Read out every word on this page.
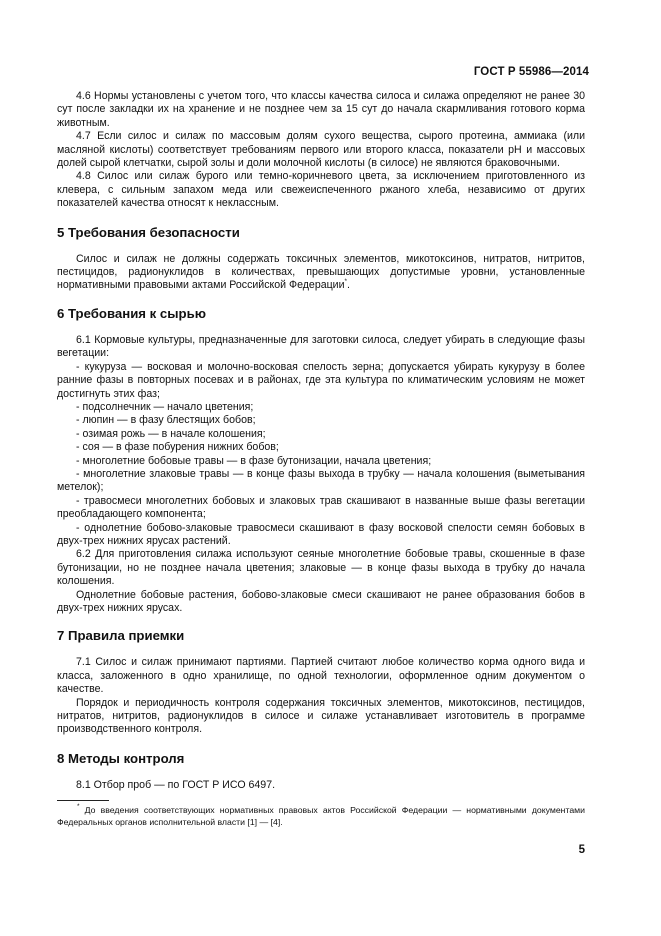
ГОСТ Р 55986—2014

4.6 Нормы установлены с учетом того, что классы качества силоса и силажа определяют не ранее 30 сут после закладки их на хранение и не позднее чем за 15 сут до начала скармливания готового корма животным.

4.7 Если силос и силаж по массовым долям сухого вещества, сырого протеина, аммиака (или масляной кислоты) соответствует требованиям первого или второго класса, показатели pH и массовых долей сырой клетчатки, сырой золы и доли молочной кислоты (в силосе) не являются браковочными.

4.8 Силос или силаж бурого или темно-коричневого цвета, за исключением приготовленного из клевера, с сильным запахом меда или свежеиспеченного ржаного хлеба, независимо от других показателей качества относят к неклассным.

5 Требования безопасности

Силос и силаж не должны содержать токсичных элементов, микотоксинов, нитратов, нитритов, пестицидов, радионуклидов в количествах, превышающих допустимые уровни, установленные нормативными правовыми актами Российской Федерации*.

6 Требования к сырью

6.1 Кормовые культуры, предназначенные для заготовки силоса, следует убирать в следующие фазы вегетации:

- кукуруза — восковая и молочно-восковая спелость зерна; допускается убирать кукурузу в более ранние фазы в повторных посевах и в районах, где эта культура по климатическим условиям не может достигнуть этих фаз;

- подсолнечник — начало цветения;

- люпин — в фазу блестящих бобов;

- озимая рожь — в начале колошения;

- соя — в фазе побурения нижних бобов;

- многолетние бобовые травы — в фазе бутонизации, начала цветения;

- многолетние злаковые травы — в конце фазы выхода в трубку — начала колошения (выметывания метелок);

- травосмеси многолетних бобовых и злаковых трав скашивают в названные выше фазы вегетации преобладающего компонента;

- однолетние бобово-злаковые травосмеси скашивают в фазу восковой спелости семян бобовых в двух-трех нижних ярусах растений.

6.2 Для приготовления силажа используют сеяные многолетние бобовые травы, скошенные в фазе бутонизации, но не позднее начала цветения; злаковые — в конце фазы выхода в трубку до начала колошения.

Однолетние бобовые растения, бобово-злаковые смеси скашивают не ранее образования бобов в двух-трех нижних ярусах.

7 Правила приемки

7.1 Силос и силаж принимают партиями. Партией считают любое количество корма одного вида и класса, заложенного в одно хранилище, по одной технологии, оформленное одним документом о качестве.

Порядок и периодичность контроля содержания токсичных элементов, микотоксинов, пестицидов, нитратов, нитритов, радионуклидов в силосе и силаже устанавливает изготовитель в программе производственного контроля.

8 Методы контроля

8.1 Отбор проб — по ГОСТ Р ИСО 6497.

* До введения соответствующих нормативных правовых актов Российской Федерации — нормативными документами Федеральных органов исполнительной власти [1] — [4].
5
